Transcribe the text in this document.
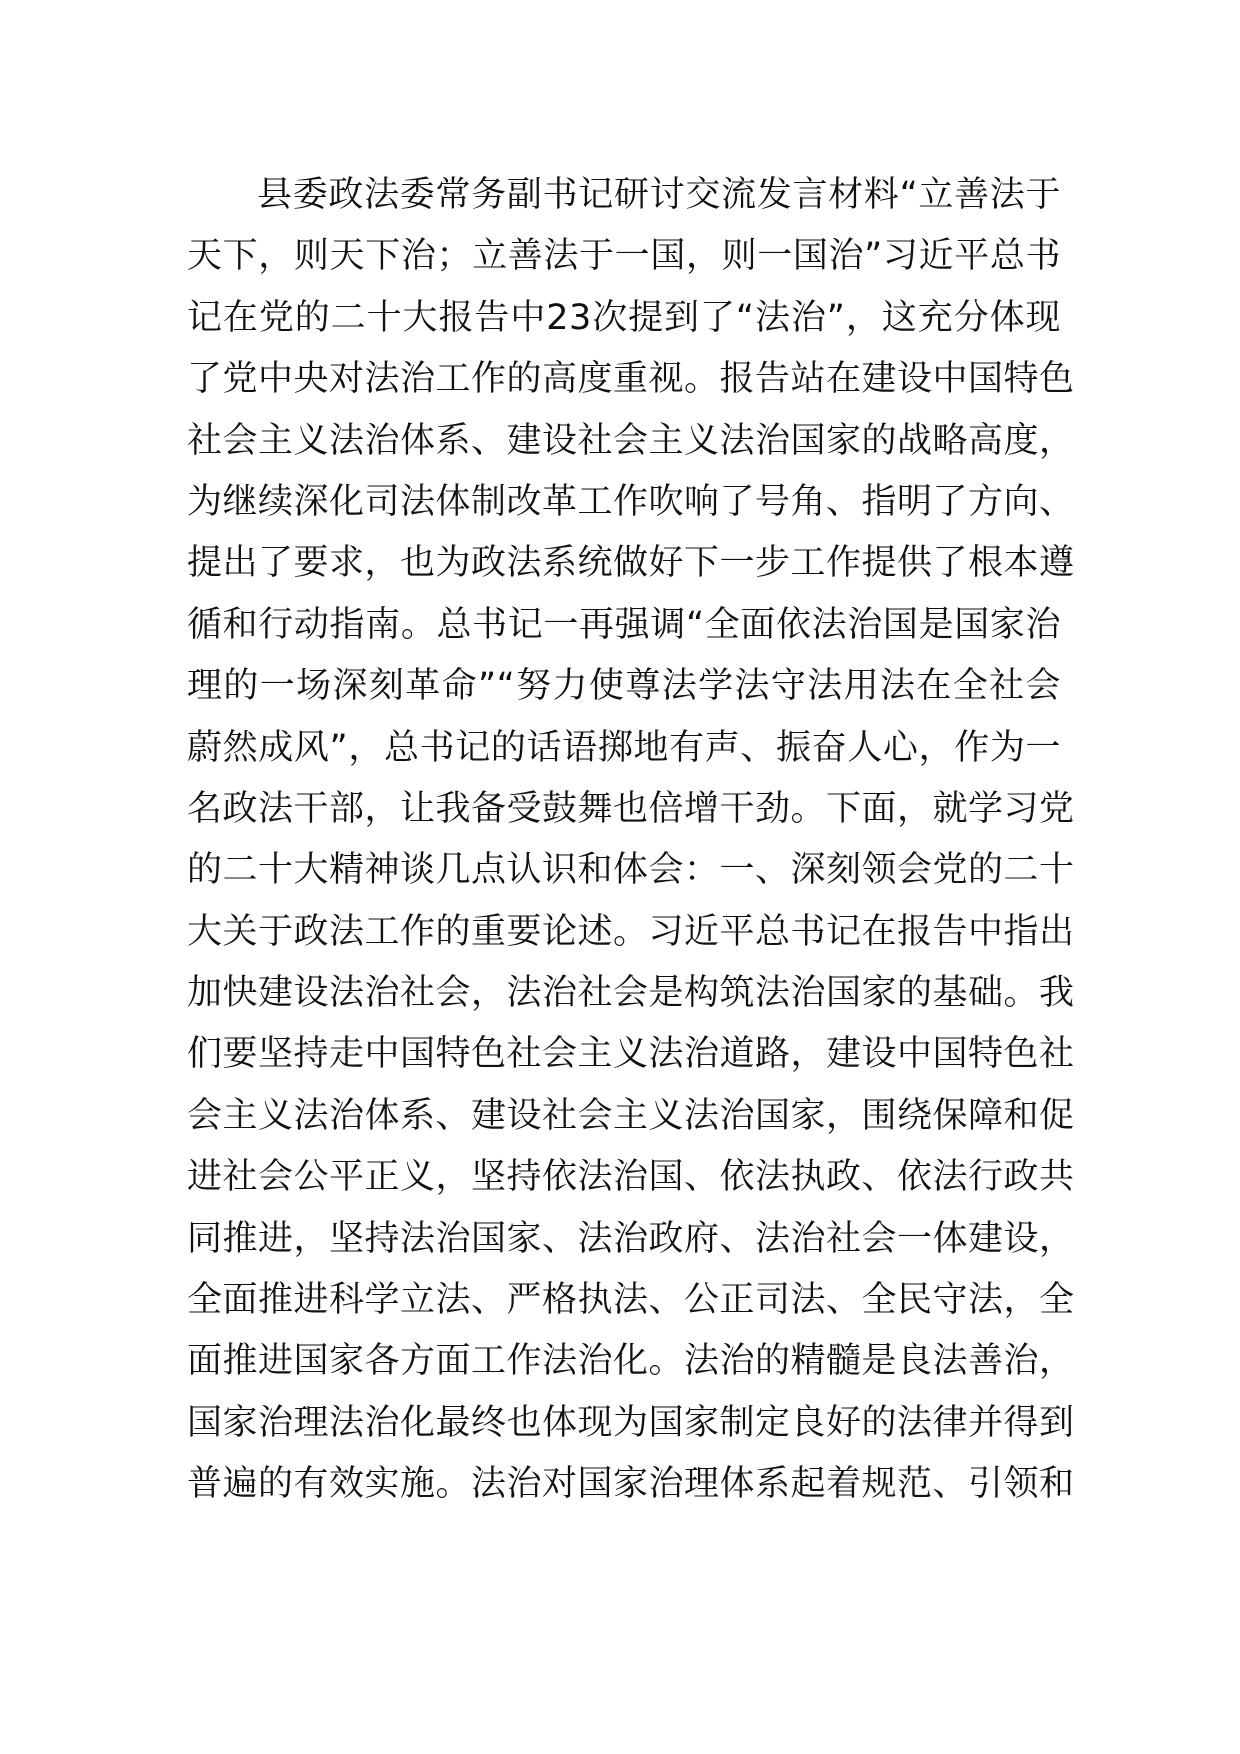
县委政法委常务副书记研讨交流发言材料“立善法于
天下，则天下治；立善法于一国，则一国治”习近平总书
记在党的二十大报告中23次提到了“法治”，这充分体现
了党中央对法治工作的高度重视。报告站在建设中国特色
社会主义法治体系、建设社会主义法治国家的战略高度，
为继续深化司法体制改革工作吹响了号角、指明了方向、
提出了要求，也为政法系统做好下一步工作提供了根本遵
循和行动指南。总书记一再强调“全面依法治国是国家治
理的一场深刻革命”“努力使尊法学法守法用法在全社会
蔚然成风”，总书记的话语掷地有声、振奋人心，作为一
名政法干部，让我备受鼓舞也倍增干劲。下面，就学习党
的二十大精神谈几点认识和体会：一、深刻领会党的二十
大关于政法工作的重要论述。习近平总书记在报告中指出
加快建设法治社会，法治社会是构筑法治国家的基础。我
们要坚持走中国特色社会主义法治道路，建设中国特色社
会主义法治体系、建设社会主义法治国家，围绕保障和促
进社会公平正义，坚持依法治国、依法执政、依法行政共
同推进，坚持法治国家、法治政府、法治社会一体建设，
全面推进科学立法、严格执法、公正司法、全民守法，全
面推进国家各方面工作法治化。法治的精髓是良法善治，
国家治理法治化最终也体现为国家制定良好的法律并得到
普遍的有效实施。法治对国家治理体系起着规范、引领和
